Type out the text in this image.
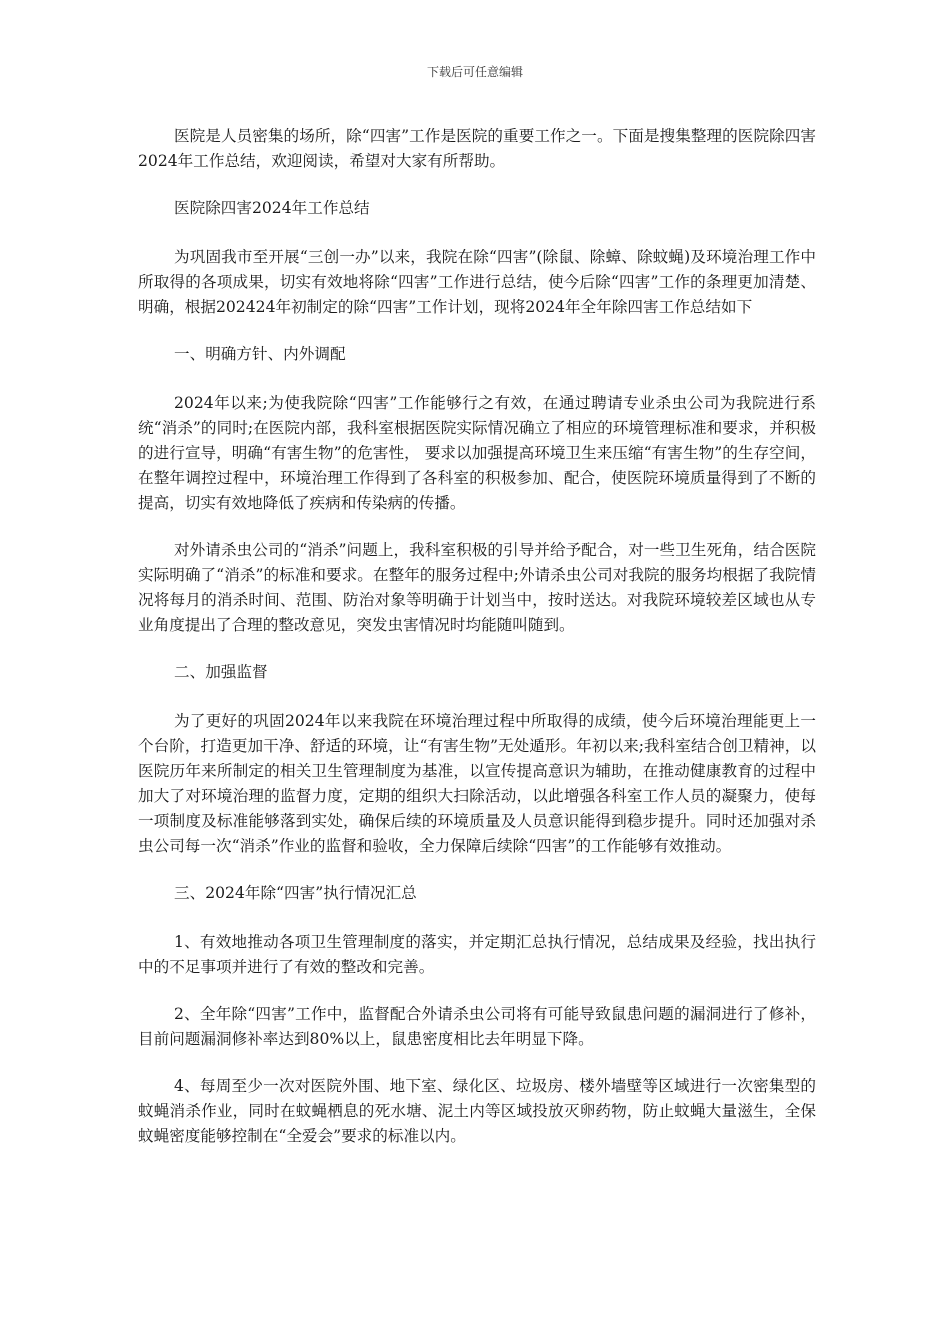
下载后可任意编辑

医院是人员密集的场所，除“四害”工作是医院的重要工作之一。下面是搜集整理的医院除四害2024年工作总结，欢迎阅读，希望对大家有所帮助。

医院除四害2024年工作总结

为巩固我市至开展“三创一办”以来，我院在除“四害”(除鼠、除蟑、除蚊蝇)及环境治理工作中所取得的各项成果，切实有效地将除“四害”工作进行总结，使今后除“四害”工作的条理更加清楚、明确，根据202424年初制定的除“四害”工作计划，现将2024年全年除四害工作总结如下

一、明确方针、内外调配

2024年以来;为使我院除“四害”工作能够行之有效，在通过聘请专业杀虫公司为我院进行系统“消杀”的同时;在医院内部，我科室根据医院实际情况确立了相应的环境管理标准和要求，并积极的进行宣导，明确“有害生物”的危害性， 要求以加强提高环境卫生来压缩“有害生物”的生存空间，在整年调控过程中，环境治理工作得到了各科室的积极参加、配合，使医院环境质量得到了不断的提高，切实有效地降低了疾病和传染病的传播。

对外请杀虫公司的“消杀”问题上，我科室积极的引导并给予配合，对一些卫生死角，结合医院实际明确了“消杀”的标准和要求。在整年的服务过程中;外请杀虫公司对我院的服务均根据了我院情况将每月的消杀时间、范围、防治对象等明确于计划当中，按时送达。对我院环境较差区域也从专业角度提出了合理的整改意见，突发虫害情况时均能随叫随到。

二、加强监督

为了更好的巩固2024年以来我院在环境治理过程中所取得的成绩，使今后环境治理能更上一个台阶，打造更加干净、舒适的环境，让“有害生物”无处遁形。年初以来;我科室结合创卫精神，以医院历年来所制定的相关卫生管理制度为基准，以宣传提高意识为辅助，在推动健康教育的过程中加大了对环境治理的监督力度，定期的组织大扫除活动，以此增强各科室工作人员的凝聚力，使每一项制度及标准能够落到实处，确保后续的环境质量及人员意识能得到稳步提升。同时还加强对杀虫公司每一次“消杀”作业的监督和验收，全力保障后续除“四害”的工作能够有效推动。

三、2024年除“四害”执行情况汇总

1、有效地推动各项卫生管理制度的落实，并定期汇总执行情况，总结成果及经验，找出执行中的不足事项并进行了有效的整改和完善。

2、全年除“四害”工作中，监督配合外请杀虫公司将有可能导致鼠患问题的漏洞进行了修补，目前问题漏洞修补率达到80%以上，鼠患密度相比去年明显下降。

4、每周至少一次对医院外围、地下室、绿化区、垃圾房、楼外墙壁等区域进行一次密集型的蚊蝇消杀作业，同时在蚊蝇栖息的死水塘、泥土内等区域投放灭卵药物，防止蚊蝇大量滋生，全保蚊蝇密度能够控制在“全爱会”要求的标准以内。
